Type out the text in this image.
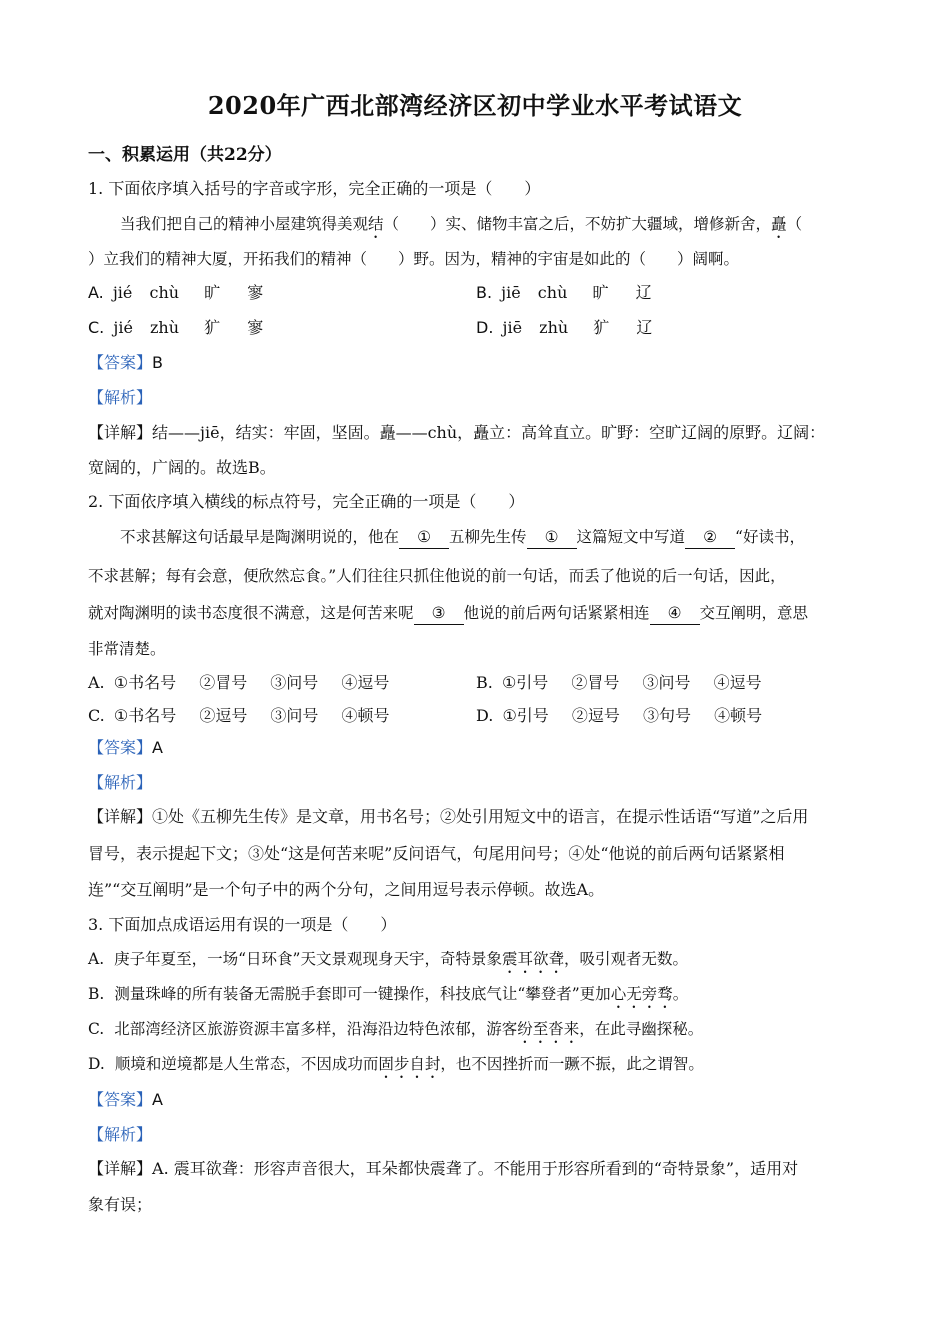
2020年广西北部湾经济区初中学业水平考试语文
一、积累运用（共22分）
1. 下面依序填入括号的字音或字形，完全正确的一项是（　　）
当我们把自己的精神小屋建筑得美观结（　　）实、储物丰富之后，不妨扩大疆域，增修新舍，矗（
）立我们的精神大厦，开拓我们的精神（　　）野。因为，精神的宇宙是如此的（　　）阔啊。
A. jié chù 旷 寥	B. jiē chù 旷 辽
C. jié zhù 犷 寥	D. jiē zhù 犷 辽
【答案】B
【解析】
【详解】结——jiē，结实：牢固，坚固。矗——chù，矗立：高耸直立。旷野：空旷辽阔的原野。辽阔：
宽阔的，广阔的。故选B。
2. 下面依序填入横线的标点符号，完全正确的一项是（　　）
不求甚解这句话最早是陶渊明说的，他在 ① 五柳先生传 ① 这篇短文中写道 ② “好读书，
不求甚解；每有会意，便欣然忘食。”人们往往只抓住他说的前一句话，而丢了他说的后一句话，因此，
就对陶渊明的读书态度很不满意，这是何苦来呢 ③ 他说的前后两句话紧紧相连 ④ 交互阐明，意思
非常清楚。
A. ①书名号 ②冒号 ③问号 ④逗号	B. ①引号 ②冒号 ③问号 ④逗号
C. ①书名号 ②逗号 ③问号 ④顿号	D. ①引号 ②逗号 ③句号 ④顿号
【答案】A
【解析】
【详解】①处《五柳先生传》是文章，用书名号；②处引用短文中的语言，在提示性话语“写道”之后用
冒号，表示提起下文；③处“这是何苦来呢”反问语气，句尾用问号；④处“他说的前后两句话紧紧相
连”“交互阐明”是一个句子中的两个分句，之间用逗号表示停顿。故选A。
3. 下面加点成语运用有误的一项是（　　）
A. 庚子年夏至，一场“日环食”天文景观现身天宇，奇特景象震耳欲聋，吸引观者无数。
B. 测量珠峰的所有装备无需脱手套即可一键操作，科技底气让“攀登者”更加心无旁骛。
C. 北部湾经济区旅游资源丰富多样，沿海沿边特色浓郁，游客纷至沓来，在此寻幽探秘。
D. 顺境和逆境都是人生常态，不因成功而固步自封，也不因挫折而一蹶不振，此之谓智。
【答案】A
【解析】
【详解】A. 震耳欲聋：形容声音很大，耳朵都快震聋了。不能用于形容所看到的“奇特景象”，适用对
象有误；
